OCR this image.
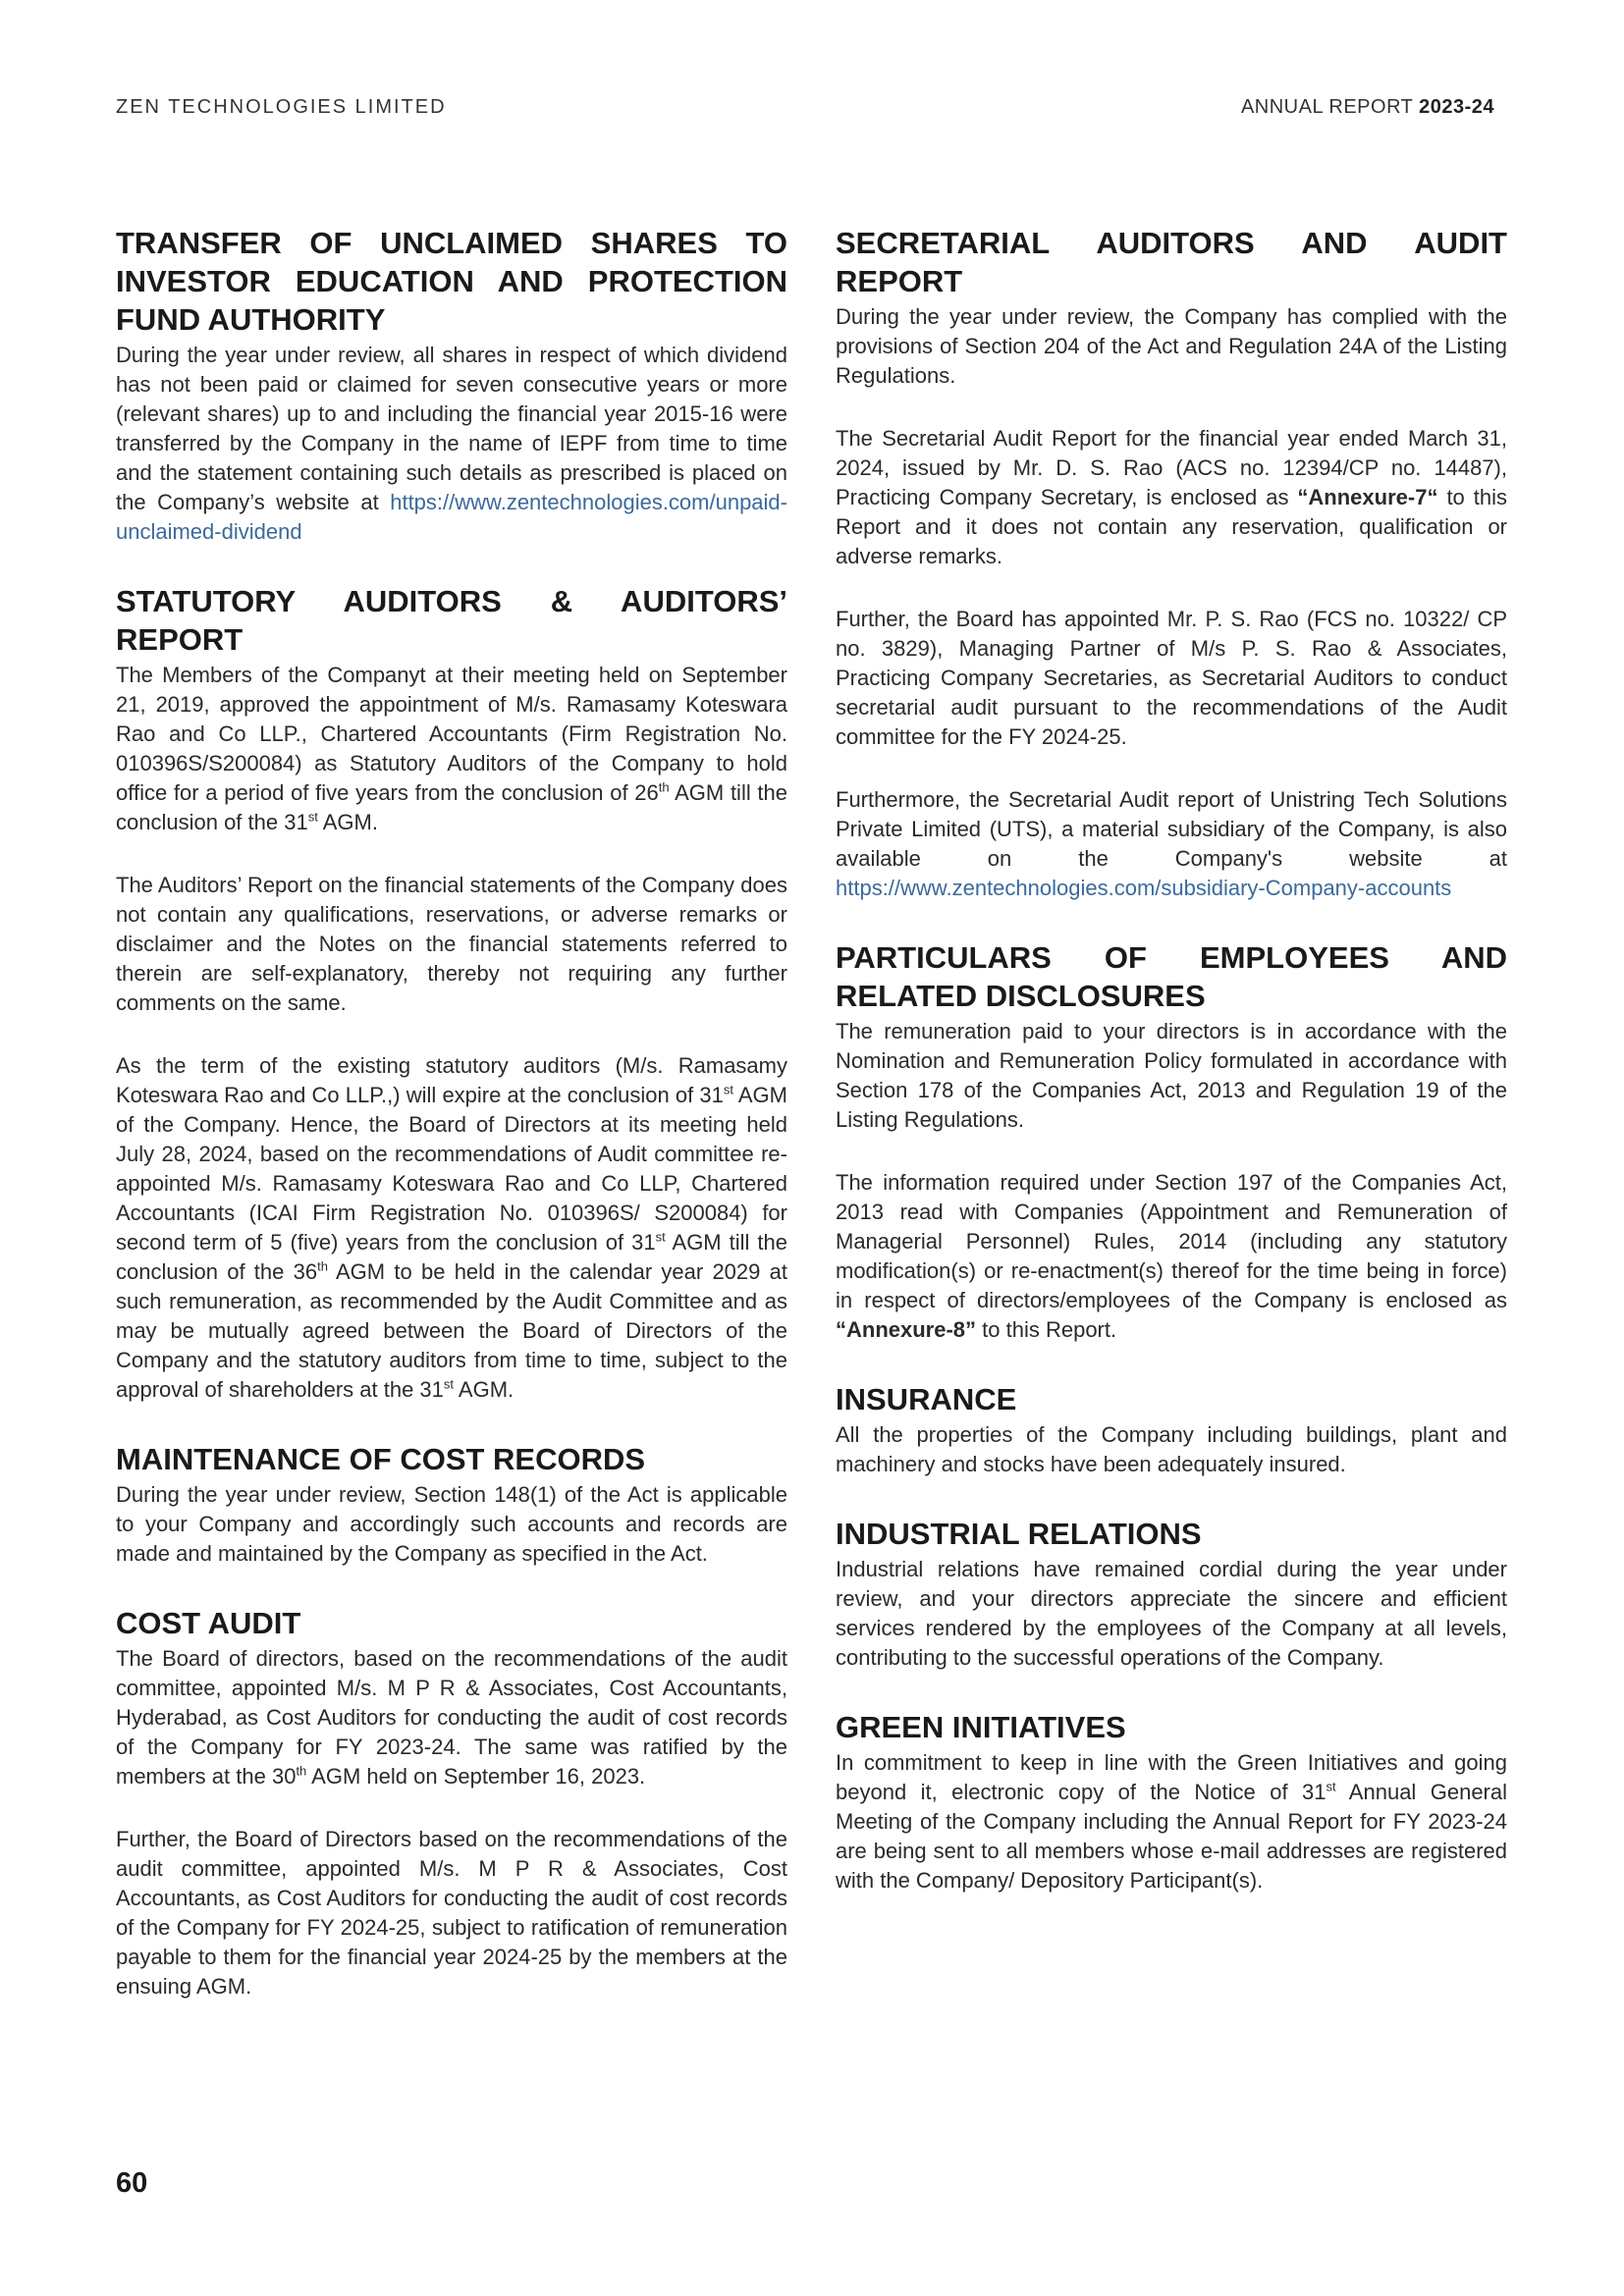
ZEN TECHNOLOGIES LIMITED	ANNUAL REPORT 2023-24
TRANSFER OF UNCLAIMED SHARES TO INVESTOR EDUCATION AND PROTECTION FUND AUTHORITY

During the year under review, all shares in respect of which dividend has not been paid or claimed for seven consecutive years or more (relevant shares) up to and including the financial year 2015-16 were transferred by the Company in the name of IEPF from time to time and the statement containing such details as prescribed is placed on the Company’s website at https://www.zentechnologies.com/unpaid-unclaimed-dividend

STATUTORY AUDITORS & AUDITORS’ REPORT

The Members of the Companyt at their meeting held on September 21, 2019, approved the appointment of M/s. Ramasamy Koteswara Rao and Co LLP., Chartered Accountants (Firm Registration No. 010396S/S200084) as Statutory Auditors of the Company to hold office for a period of five years from the conclusion of 26th AGM till the conclusion of the 31st AGM.

The Auditors’ Report on the financial statements of the Company does not contain any qualifications, reservations, or adverse remarks or disclaimer and the Notes on the financial statements referred to therein are self-explanatory, thereby not requiring any further comments on the same.

As the term of the existing statutory auditors (M/s. Ramasamy Koteswara Rao and Co LLP.,) will expire at the conclusion of 31st AGM of the Company. Hence, the Board of Directors at its meeting held July 28, 2024, based on the recommendations of Audit committee re-appointed M/s. Ramasamy Koteswara Rao and Co LLP, Chartered Accountants (ICAI Firm Registration No. 010396S/ S200084) for second term of 5 (five) years from the conclusion of 31st AGM till the conclusion of the 36th AGM to be held in the calendar year 2029 at such remuneration, as recommended by the Audit Committee and as may be mutually agreed between the Board of Directors of the Company and the statutory auditors from time to time, subject to the approval of shareholders at the 31st AGM.

MAINTENANCE OF COST RECORDS

During the year under review, Section 148(1) of the Act is applicable to your Company and accordingly such accounts and records are made and maintained by the Company as specified in the Act.

COST AUDIT

The Board of directors, based on the recommendations of the audit committee, appointed M/s. M P R & Associates, Cost Accountants, Hyderabad, as Cost Auditors for conducting the audit of cost records of the Company for FY 2023-24. The same was ratified by the members at the 30th AGM held on September 16, 2023.

Further, the Board of Directors based on the recommendations of the audit committee, appointed M/s. M P R & Associates, Cost Accountants, as Cost Auditors for conducting the audit of cost records of the Company for FY 2024-25, subject to ratification of remuneration payable to them for the financial year 2024-25 by the members at the ensuing AGM.

SECRETARIAL AUDITORS AND AUDIT REPORT

During the year under review, the Company has complied with the provisions of Section 204 of the Act and Regulation 24A of the Listing Regulations.

The Secretarial Audit Report for the financial year ended March 31, 2024, issued by Mr. D. S. Rao (ACS no. 12394/CP no. 14487), Practicing Company Secretary, is enclosed as “Annexure-7“ to this Report and it does not contain any reservation, qualification or adverse remarks.

Further, the Board has appointed Mr. P. S. Rao (FCS no. 10322/ CP no. 3829), Managing Partner of M/s P. S. Rao & Associates, Practicing Company Secretaries, as Secretarial Auditors to conduct secretarial audit pursuant to the recommendations of the Audit committee for the FY 2024-25.

Furthermore, the Secretarial Audit report of Unistring Tech Solutions Private Limited (UTS), a material subsidiary of the Company, is also available on the Company's website at https://www.zentechnologies.com/subsidiary-Company-accounts

PARTICULARS OF EMPLOYEES AND RELATED DISCLOSURES

The remuneration paid to your directors is in accordance with the Nomination and Remuneration Policy formulated in accordance with Section 178 of the Companies Act, 2013 and Regulation 19 of the Listing Regulations.

The information required under Section 197 of the Companies Act, 2013 read with Companies (Appointment and Remuneration of Managerial Personnel) Rules, 2014 (including any statutory modification(s) or re-enactment(s) thereof for the time being in force) in respect of directors/employees of the Company is enclosed as “Annexure-8” to this Report.

INSURANCE

All the properties of the Company including buildings, plant and machinery and stocks have been adequately insured.

INDUSTRIAL RELATIONS

Industrial relations have remained cordial during the year under review, and your directors appreciate the sincere and efficient services rendered by the employees of the Company at all levels, contributing to the successful operations of the Company.

GREEN INITIATIVES

In commitment to keep in line with the Green Initiatives and going beyond it, electronic copy of the Notice of 31st Annual General Meeting of the Company including the Annual Report for FY 2023-24 are being sent to all members whose e-mail addresses are registered with the Company/ Depository Participant(s).

60
